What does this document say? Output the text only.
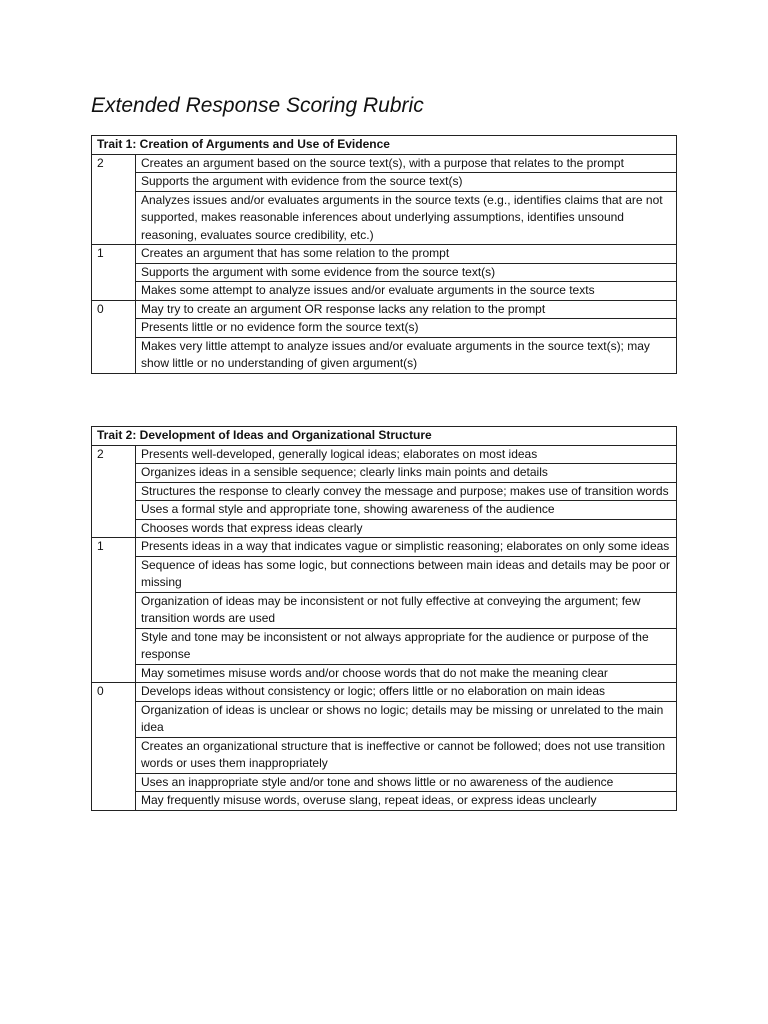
Extended Response Scoring Rubric
Trait 1: Creation of Arguments and Use of Evidence	
2	Creates an argument based on the source text(s), with a purpose that relates to the prompt
	Supports the argument with evidence from the source text(s)
	Analyzes issues and/or evaluates arguments in the source texts (e.g., identifies claims that are not supported, makes reasonable inferences about underlying assumptions, identifies unsound reasoning, evaluates source credibility, etc.)
1	Creates an argument that has some relation to the prompt
	Supports the argument with some evidence from the source text(s)
	Makes some attempt to analyze issues and/or evaluate arguments in the source texts
0	May try to create an argument OR response lacks any relation to the prompt
	Presents little or no evidence form the source text(s)
	Makes very little attempt to analyze issues and/or evaluate arguments in the source text(s); may show little or no understanding of given argument(s)
Trait 2: Development of Ideas and Organizational Structure	
2	Presents well-developed, generally logical ideas; elaborates on most ideas
	Organizes ideas in a sensible sequence; clearly links main points and details
	Structures the response to clearly convey the message and purpose; makes use of transition words
	Uses a formal style and appropriate tone, showing awareness of the audience
	Chooses words that express ideas clearly
1	Presents ideas in a way that indicates vague or simplistic reasoning; elaborates on only some ideas
	Sequence of ideas has some logic, but connections between main ideas and details may be poor or missing
	Organization of ideas may be inconsistent or not fully effective at conveying the argument; few transition words are used
	Style and tone may be inconsistent or not always appropriate for the audience or purpose of the response
	May sometimes misuse words and/or choose words that do not make the meaning clear
0	Develops ideas without consistency or logic; offers little or no elaboration on main ideas
	Organization of ideas is unclear or shows no logic; details may be missing or unrelated to the main idea
	Creates an organizational structure that is ineffective or cannot be followed; does not use transition words or uses them inappropriately
	Uses an inappropriate style and/or tone and shows little or no awareness of the audience
	May frequently misuse words, overuse slang, repeat ideas, or express ideas unclearly
